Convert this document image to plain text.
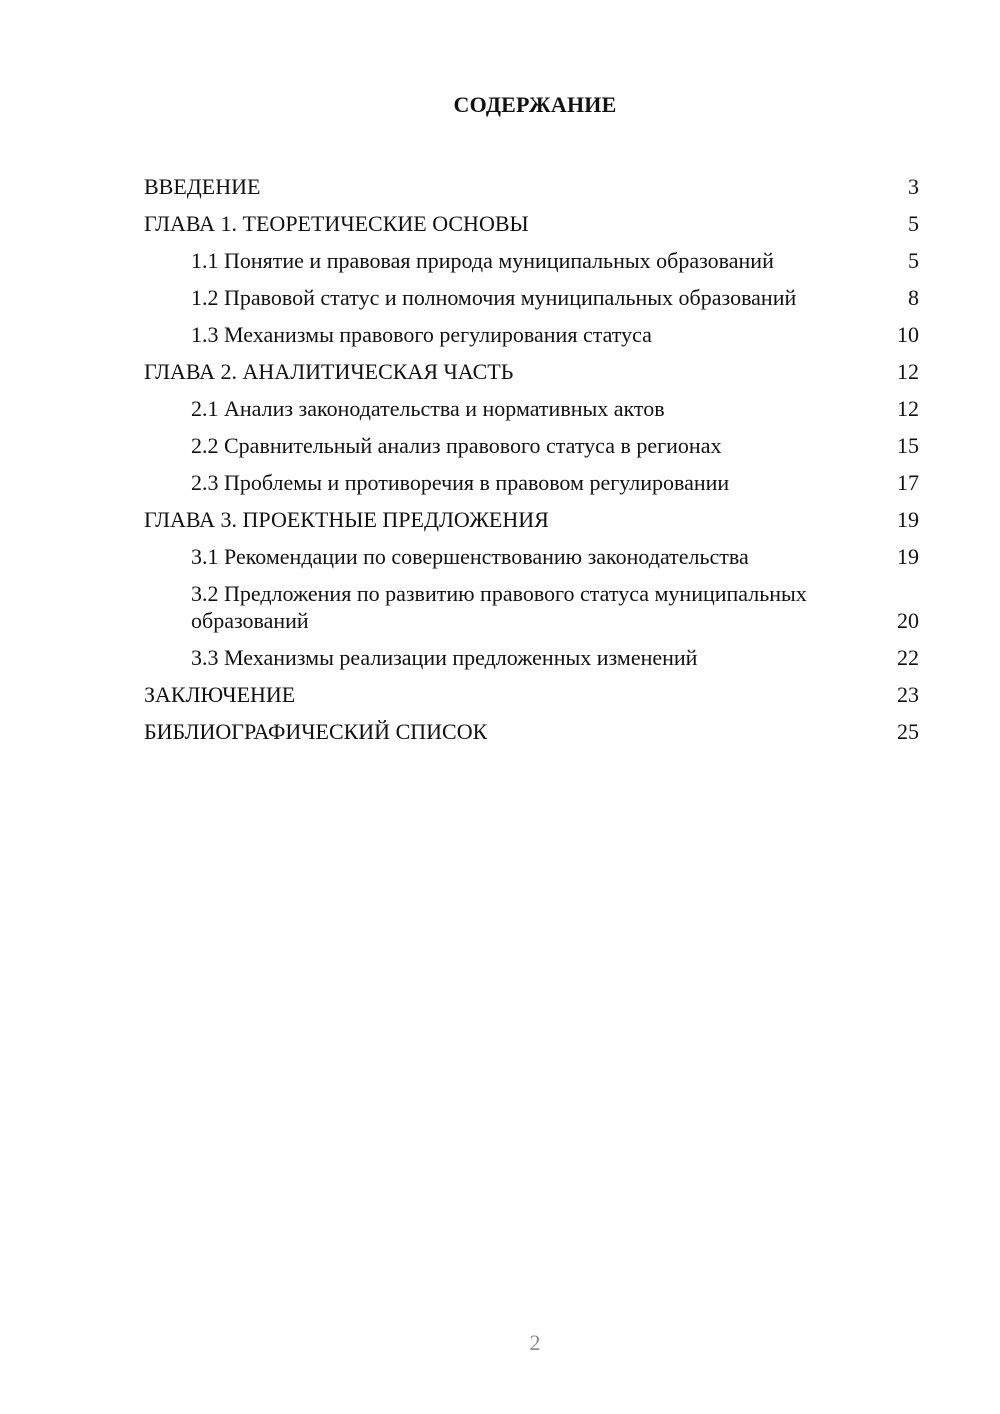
СОДЕРЖАНИЕ
ВВЕДЕНИЕ	3
ГЛАВА 1. ТЕОРЕТИЧЕСКИЕ ОСНОВЫ	5
1.1 Понятие и правовая природа муниципальных образований	5
1.2 Правовой статус и полномочия муниципальных образований	8
1.3 Механизмы правового регулирования статуса	10
ГЛАВА 2. АНАЛИТИЧЕСКАЯ ЧАСТЬ	12
2.1 Анализ законодательства и нормативных актов	12
2.2 Сравнительный анализ правового статуса в регионах	15
2.3 Проблемы и противоречия в правовом регулировании	17
ГЛАВА 3. ПРОЕКТНЫЕ ПРЕДЛОЖЕНИЯ	19
3.1 Рекомендации по совершенствованию законодательства	19
3.2 Предложения по развитию правового статуса муниципальных образований	20
3.3 Механизмы реализации предложенных изменений	22
ЗАКЛЮЧЕНИЕ	23
БИБЛИОГРАФИЧЕСКИЙ СПИСОК	25
2
